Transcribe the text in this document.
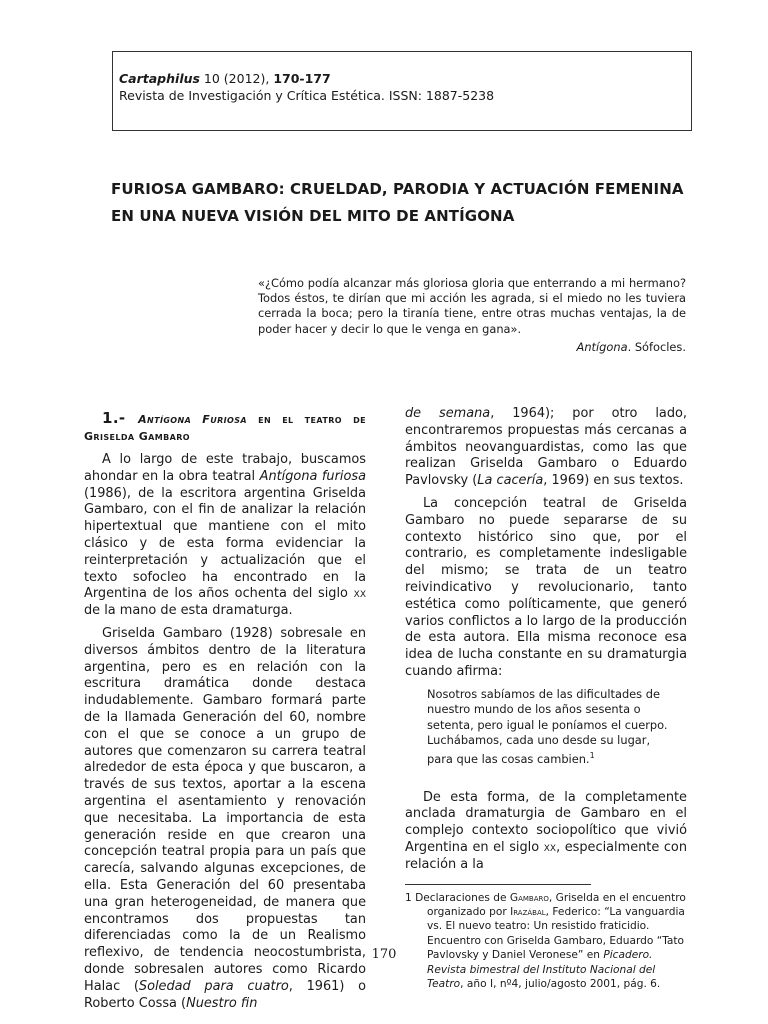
Cartaphilus 10 (2012), 170-177
Revista de Investigación y Crítica Estética. ISSN: 1887-5238
FURIOSA GAMBARO: CRUELDAD, PARODIA Y ACTUACIÓN FEMENINA
EN UNA NUEVA VISIÓN DEL MITO DE ANTÍGONA
«¿Cómo podía alcanzar más gloriosa gloria que enterrando a mi hermano? Todos éstos, te dirían que mi acción les agrada, si el miedo no les tuviera cerrada la boca; pero la tiranía tiene, entre otras muchas ventajas, la de poder hacer y decir lo que le venga en gana».
Antígona. Sófocles.
1.- Antígona Furiosa en el teatro de Griselda Gambaro

A lo largo de este trabajo, buscamos ahondar en la obra teatral Antígona furiosa (1986), de la escritora argentina Griselda Gambaro, con el fin de analizar la relación hipertextual que mantiene con el mito clásico y de esta forma evidenciar la reinterpretación y actualización que el texto sofocleo ha encontrado en la Argentina de los años ochenta del siglo xx de la mano de esta dramaturga.

Griselda Gambaro (1928) sobresale en diversos ámbitos dentro de la literatura argentina, pero es en relación con la escritura dramática donde destaca indudablemente. Gambaro formará parte de la llamada Generación del 60, nombre con el que se conoce a un grupo de autores que comenzaron su carrera teatral alrededor de esta época y que buscaron, a través de sus textos, aportar a la escena argentina el asentamiento y renovación que necesitaba. La importancia de esta generación reside en que crearon una concepción teatral propia para un país que carecía, salvando algunas excepciones, de ella. Esta Generación del 60 presentaba una gran heterogeneidad, de manera que encontramos dos propuestas tan diferenciadas como la de un Realismo reflexivo, de tendencia neocostumbrista, donde sobresalen autores como Ricardo Halac (Soledad para cuatro, 1961) o Roberto Cossa (Nuestro fin

de semana, 1964); por otro lado, encontraremos propuestas más cercanas a ámbitos neovanguardistas, como las que realizan Griselda Gambaro o Eduardo Pavlovsky (La cacería, 1969) en sus textos.

La concepción teatral de Griselda Gambaro no puede separarse de su contexto histórico sino que, por el contrario, es completamente indesligable del mismo; se trata de un teatro reivindicativo y revolucionario, tanto estética como políticamente, que generó varios conflictos a lo largo de la producción de esta autora. Ella misma reconoce esa idea de lucha constante en su dramaturgia cuando afirma:

Nosotros sabíamos de las dificultades de nuestro mundo de los años sesenta o setenta, pero igual le poníamos el cuerpo. Luchábamos, cada uno desde su lugar, para que las cosas cambien.$^1$

De esta forma, de la completamente anclada dramaturgia de Gambaro en el complejo contexto sociopolítico que vivió Argentina en el siglo xx, especialmente con relación a la

1 Declaraciones de Gambaro, Griselda en el encuentro organizado por Irazábal, Federico: “La vanguardia vs. El nuevo teatro: Un resistido fraticidio. Encuentro con Griselda Gambaro, Eduardo “Tato Pavlovsky y Daniel Veronese” en Picadero. Revista bimestral del Instituto Nacional del Teatro, año I, nº4, julio/agosto 2001, pág. 6.
170
